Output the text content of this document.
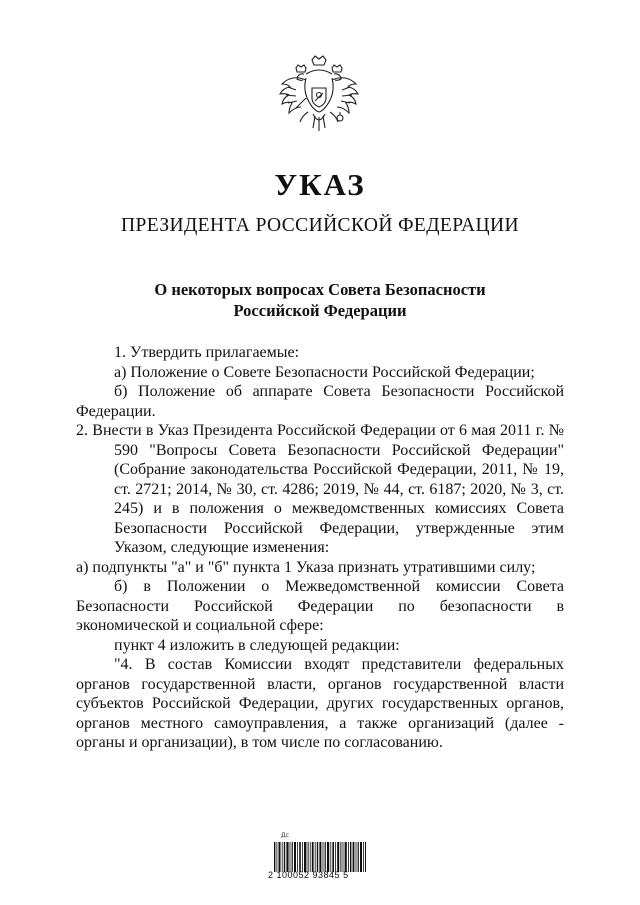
УКАЗ
ПРЕЗИДЕНТА РОССИЙСКОЙ ФЕДЕРАЦИИ
О некоторых вопросах Совета Безопасности
Российской Федерации

1. Утвердить прилагаемые:

а) Положение о Совете Безопасности Российской Федерации;

б) Положение об аппарате Совета Безопасности Российской Федерации.

2. Внести в Указ Президента Российской Федерации от 6 мая 2011 г. № 590 "Вопросы Совета Безопасности Российской Федерации" (Собрание законодательства Российской Федерации, 2011, № 19, ст. 2721; 2014, № 30, ст. 4286; 2019, № 44, ст. 6187; 2020, № 3, ст. 245) и в положения о межведомственных комиссиях Совета Безопасности Российской Федерации, утвержденные этим Указом, следующие изменения:

а) подпункты "а" и "б" пункта 1 Указа признать утратившими силу;

б) в Положении о Межведомственной комиссии Совета Безопасности Российской Федерации по безопасности в экономической и социальной сфере:

пункт 4 изложить в следующей редакции:

"4. В состав Комиссии входят представители федеральных органов государственной власти, органов государственной власти субъектов Российской Федерации, других государственных органов, органов местного самоуправления, а также организаций (далее - органы и организации), в том числе по согласованию.

Дс
2 100052 93845 5
